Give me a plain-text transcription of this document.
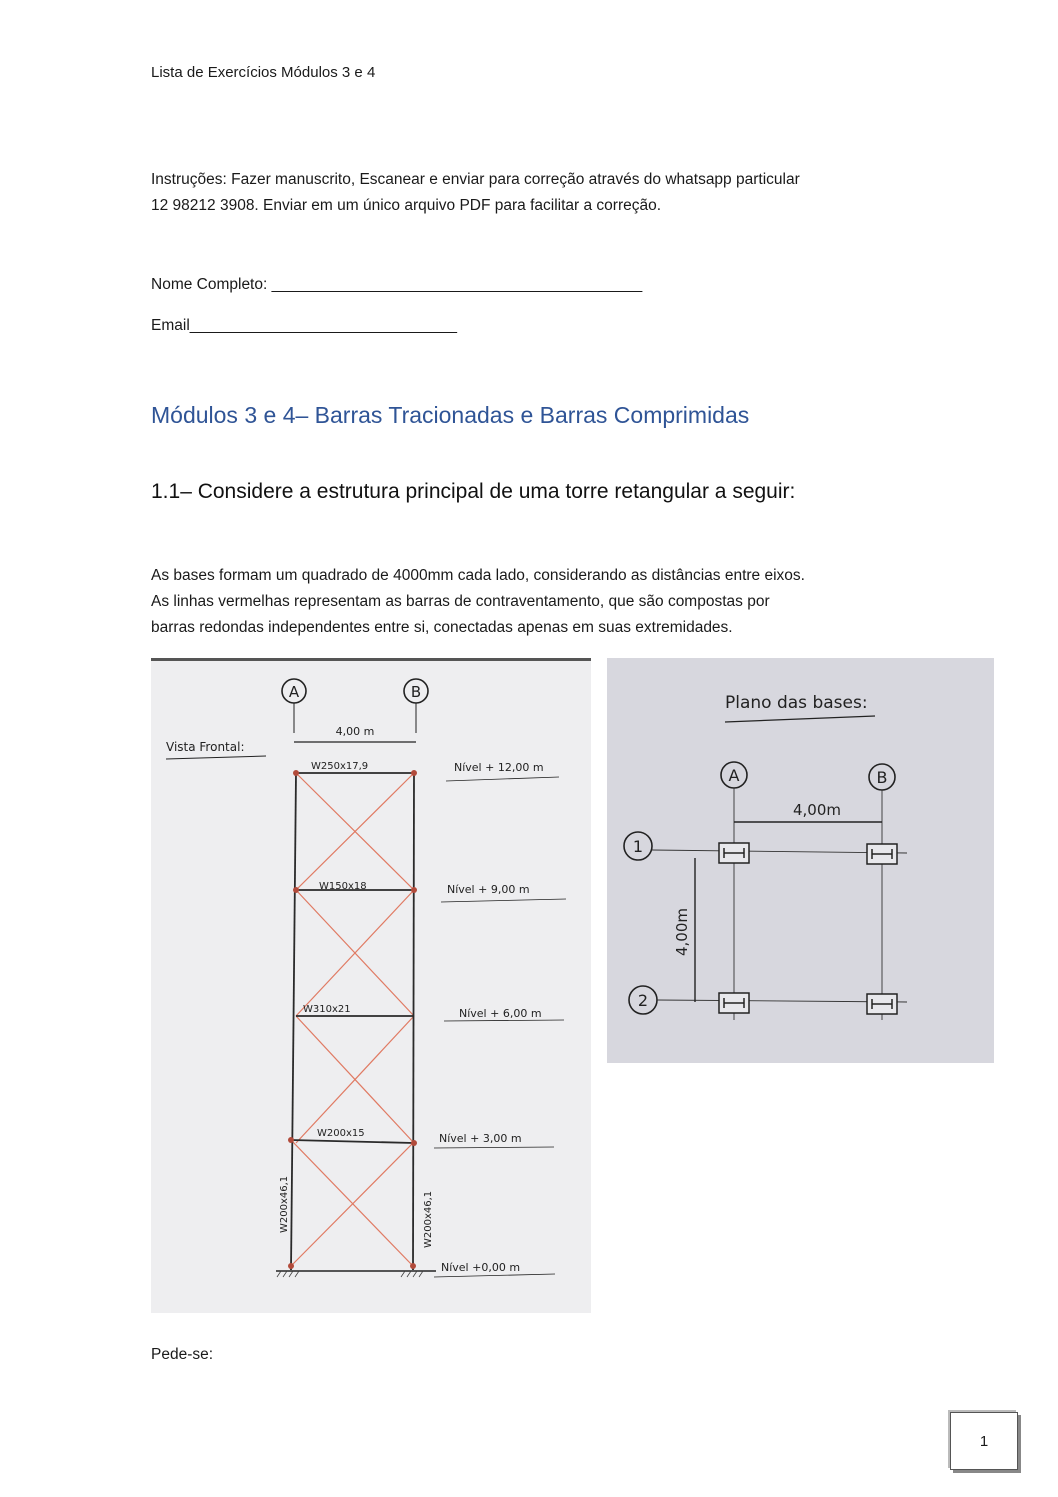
Lista de Exercícios Módulos 3 e 4
Instruções: Fazer manuscrito, Escanear e enviar para correção através do whatsapp particular
12 98212 3908. Enviar em um único arquivo PDF para facilitar a correção.
Nome Completo: ___________________________________________
Email_______________________________
Módulos 3 e 4– Barras Tracionadas e Barras Comprimidas
1.1– Considere a estrutura principal de uma torre retangular a seguir:
As bases formam um quadrado de 4000mm cada lado, considerando as distâncias entre eixos.
As linhas vermelhas representam as barras de contraventamento, que são compostas por
barras redondas independentes entre si, conectadas apenas em suas extremidades.
A	B
4,00 m
Vista Frontal:
W250x17,9
W150x18
W310x21
W200x15
W200x46,1	W200x46,1
Nível + 12,00 m
Nível + 9,00 m
Nível + 6,00 m
Nível + 3,00 m
Nível +0,00 m
Plano das bases:
A	B
1
2
4,00m
4,00m
Pede-se:
1
